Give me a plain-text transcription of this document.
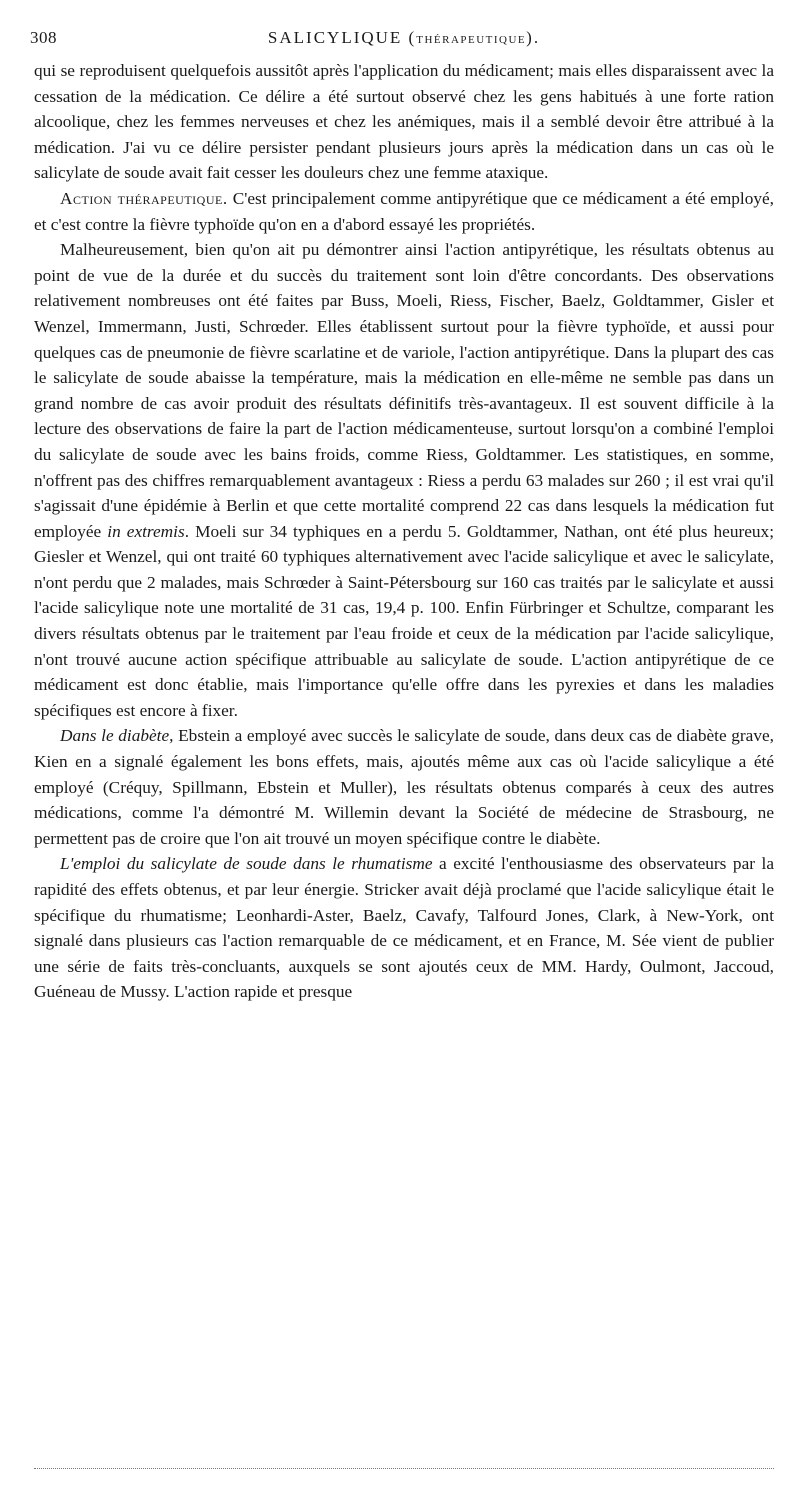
308	SALICYLIQUE (THÉRAPEUTIQUE).

qui se reproduisent quelquefois aussitôt après l'application du médicament; mais elles disparaissent avec la cessation de la médication. Ce délire a été surtout observé chez les gens habitués à une forte ration alcoolique, chez les femmes nerveuses et chez les anémiques, mais il a semblé devoir être attribué à la médication. J'ai vu ce délire persister pendant plusieurs jours après la médication dans un cas où le salicylate de soude avait fait cesser les douleurs chez une femme ataxique.

Action thérapeutique. C'est principalement comme antipyrétique que ce médicament a été employé, et c'est contre la fièvre typhoïde qu'on en a d'abord essayé les propriétés.

Malheureusement, bien qu'on ait pu démontrer ainsi l'action antipyrétique, les résultats obtenus au point de vue de la durée et du succès du traitement sont loin d'être concordants. Des observations relativement nombreuses ont été faites par Buss, Moeli, Riess, Fischer, Baelz, Goldtammer, Gisler et Wenzel, Immermann, Justi, Schrœder. Elles établissent surtout pour la fièvre typhoïde, et aussi pour quelques cas de pneumonie de fièvre scarlatine et de variole, l'action antipyrétique. Dans la plupart des cas le salicylate de soude abaisse la température, mais la médication en elle-même ne semble pas dans un grand nombre de cas avoir produit des résultats définitifs très-avantageux. Il est souvent difficile à la lecture des observations de faire la part de l'action médicamenteuse, surtout lorsqu'on a combiné l'emploi du salicylate de soude avec les bains froids, comme Riess, Goldtammer. Les statistiques, en somme, n'offrent pas des chiffres remarquablement avantageux : Riess a perdu 63 malades sur 260 ; il est vrai qu'il s'agissait d'une épidémie à Berlin et que cette mortalité comprend 22 cas dans lesquels la médication fut employée in extremis. Moeli sur 34 typhiques en a perdu 5. Goldtammer, Nathan, ont été plus heureux; Giesler et Wenzel, qui ont traité 60 typhiques alternativement avec l'acide salicylique et avec le salicylate, n'ont perdu que 2 malades, mais Schrœder à Saint-Pétersbourg sur 160 cas traités par le salicylate et aussi l'acide salicylique note une mortalité de 31 cas, 19,4 p. 100. Enfin Fürbringer et Schultze, comparant les divers résultats obtenus par le traitement par l'eau froide et ceux de la médication par l'acide salicylique, n'ont trouvé aucune action spécifique attribuable au salicylate de soude. L'action antipyrétique de ce médicament est donc établie, mais l'importance qu'elle offre dans les pyrexies et dans les maladies spécifiques est encore à fixer.

Dans le diabète, Ebstein a employé avec succès le salicylate de soude, dans deux cas de diabète grave, Kien en a signalé également les bons effets, mais, ajoutés même aux cas où l'acide salicylique a été employé (Créquy, Spillmann, Ebstein et Muller), les résultats obtenus comparés à ceux des autres médications, comme l'a démontré M. Willemin devant la Société de médecine de Strasbourg, ne permettent pas de croire que l'on ait trouvé un moyen spécifique contre le diabète.

L'emploi du salicylate de soude dans le rhumatisme a excité l'enthousiasme des observateurs par la rapidité des effets obtenus, et par leur énergie. Stricker avait déjà proclamé que l'acide salicylique était le spécifique du rhumatisme; Leonhardi-Aster, Baelz, Cavafy, Talfourd Jones, Clark, à New-York, ont signalé dans plusieurs cas l'action remarquable de ce médicament, et en France, M. Sée vient de publier une série de faits très-concluants, auxquels se sont ajoutés ceux de MM. Hardy, Oulmont, Jaccoud, Guéneau de Mussy. L'action rapide et presque
